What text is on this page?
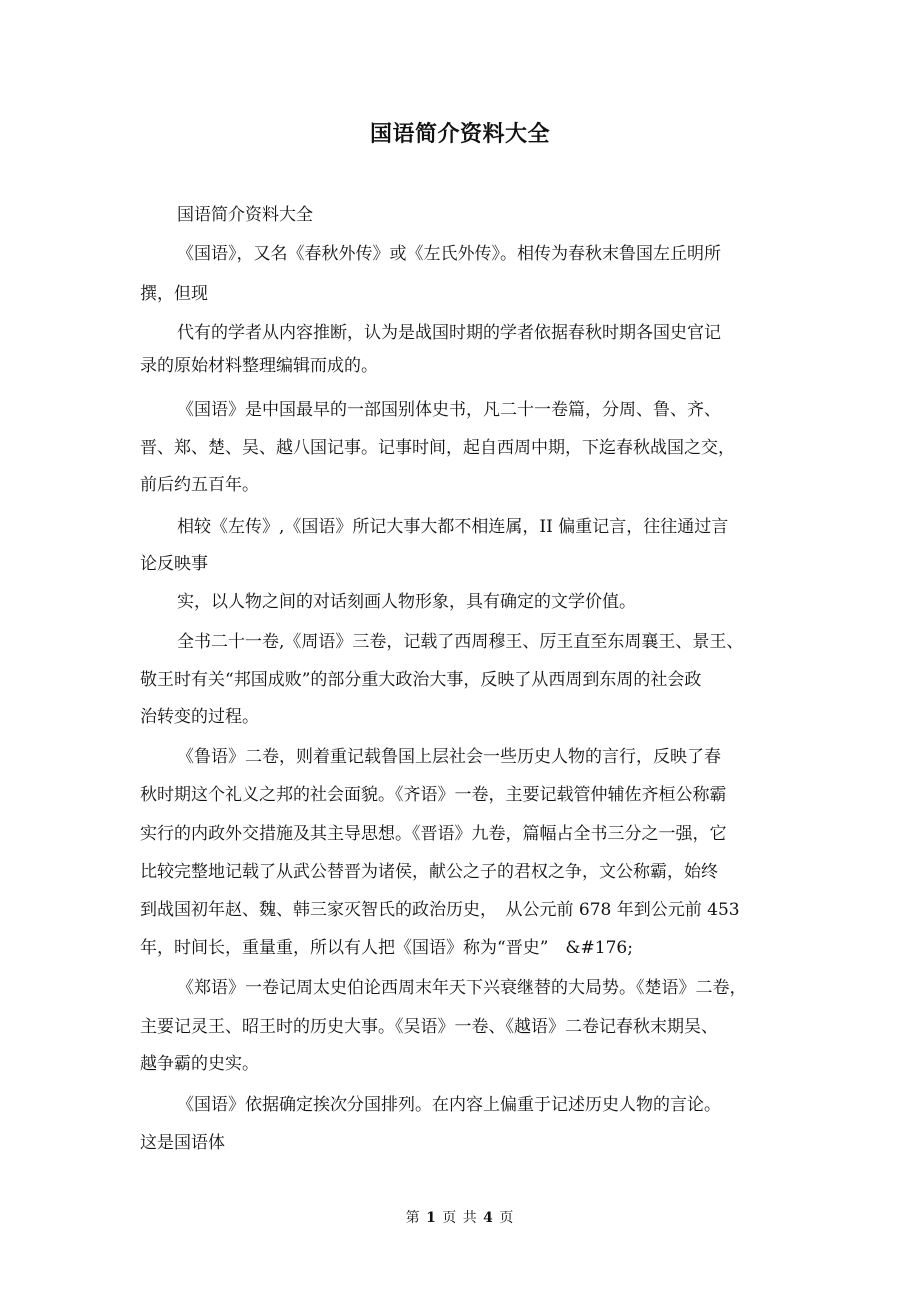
国语简介资料大全
国语简介资料大全
《国语》，又名《春秋外传》或《左氏外传》。相传为春秋末鲁国左丘明所
撰，但现
代有的学者从内容推断，认为是战国时期的学者依据春秋时期各国史官记
录的原始材料整理编辑而成的。
《国语》是中国最早的一部国别体史书，凡二十一卷篇，分周、鲁、齐、
晋、郑、楚、吴、越八国记事。记事时间，起自西周中期，下迄春秋战国之交，
前后约五百年。
相较《左传》,《国语》所记大事大都不相连属，II 偏重记言，往往通过言
论反映事
实，以人物之间的对话刻画人物形象，具有确定的文学价值。
全书二十一卷,《周语》三卷，记载了西周穆王、厉王直至东周襄王、景王、
敬王时有关“邦国成败”的部分重大政治大事，反映了从西周到东周的社会政
治转变的过程。
《鲁语》二卷，则着重记载鲁国上层社会一些历史人物的言行，反映了春
秋时期这个礼义之邦的社会面貌。《齐语》一卷，主要记载管仲辅佐齐桓公称霸
实行的内政外交措施及其主导思想。《晋语》九卷，篇幅占全书三分之一强，它
比较完整地记载了从武公替晋为诸侯，献公之子的君权之争，文公称霸，始终
到战国初年赵、魏、韩三家灭智氏的政治历史，　从公元前 678 年到公元前 453
年，时间长，重量重，所以有人把《国语》称为“晋史”　&#176;
《郑语》一卷记周太史伯论西周末年天下兴衰继替的大局势。《楚语》二卷，
主要记灵王、昭王时的历史大事。《吴语》一卷、《越语》二卷记春秋末期吴、
越争霸的史实。
《国语》依据确定挨次分国排列。在内容上偏重于记述历史人物的言论。
这是国语体
第 1 页 共 4 页
